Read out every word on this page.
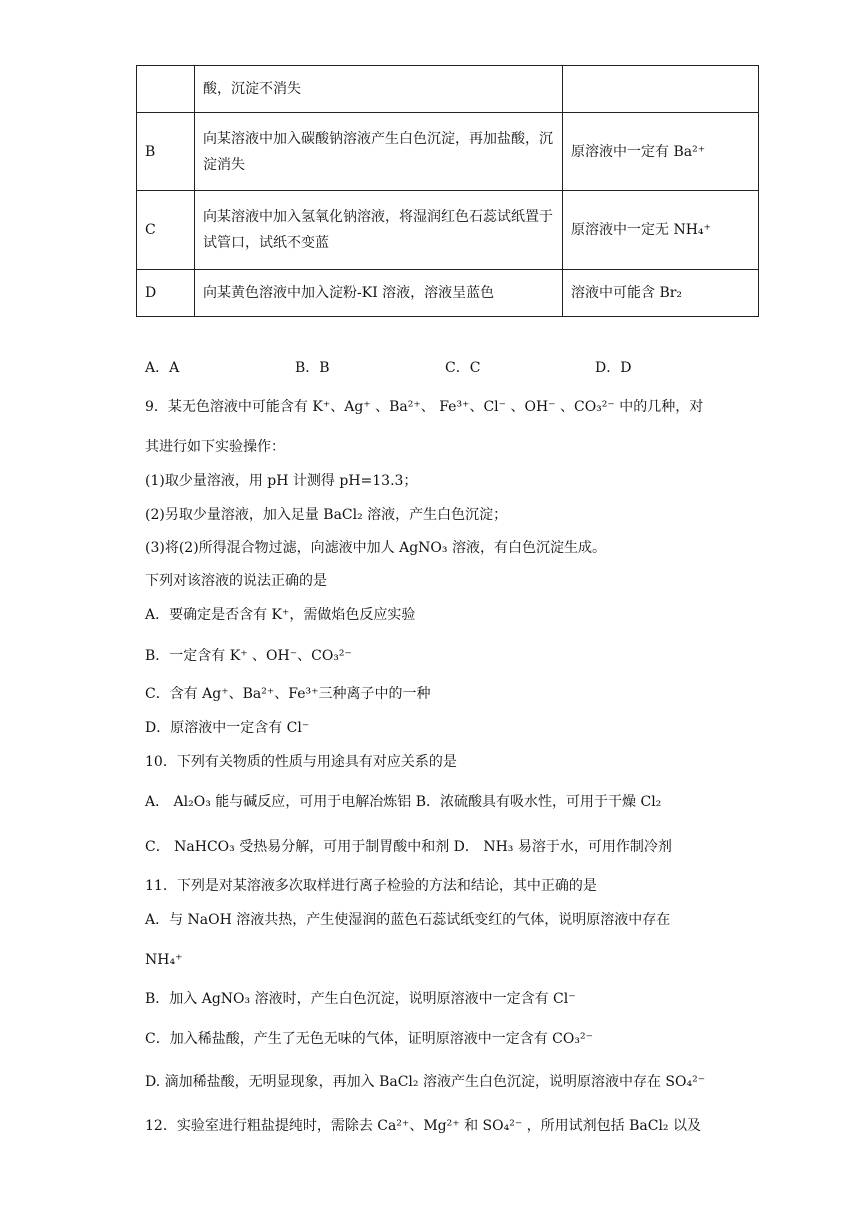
	酸，沉淀不消失	
B	向某溶液中加入碳酸钠溶液产生白色沉淀，再加盐酸，沉淀消失	原溶液中一定有 Ba²⁺
C	向某溶液中加入氢氧化钠溶液，将湿润红色石蕊试纸置于试管口，试纸不变蓝	原溶液中一定无 NH₄⁺
D	向某黄色溶液中加入淀粉-KI 溶液，溶液呈蓝色	溶液中可能含 Br₂
A．A	B．B	C．C	D．D
9．某无色溶液中可能含有 K⁺、Ag⁺ 、Ba²⁺、 Fe³⁺、Cl⁻ 、OH⁻ 、CO₃²⁻ 中的几种，对
其进行如下实验操作：
(1)取少量溶液，用 pH 计测得 pH=13.3；
(2)另取少量溶液，加入足量 BaCl₂ 溶液，产生白色沉淀；
(3)将(2)所得混合物过滤，向滤液中加人 AgNO₃ 溶液，有白色沉淀生成。
下列对该溶液的说法正确的是
A．要确定是否含有 K⁺，需做焰色反应实验
B．一定含有 K⁺ 、OH⁻、CO₃²⁻
C．含有 Ag⁺、Ba²⁺、Fe³⁺三种离子中的一种
D．原溶液中一定含有 Cl⁻
10．下列有关物质的性质与用途具有对应关系的是
A． Al₂O₃ 能与碱反应，可用于电解冶炼铝 B．浓硫酸具有吸水性，可用于干燥 Cl₂
C． NaHCO₃ 受热易分解，可用于制胃酸中和剂 D． NH₃ 易溶于水，可用作制冷剂
11．下列是对某溶液多次取样进行离子检验的方法和结论，其中正确的是
A．与 NaOH 溶液共热，产生使湿润的蓝色石蕊试纸变红的气体，说明原溶液中存在
NH₄⁺
B．加入 AgNO₃ 溶液时，产生白色沉淀，说明原溶液中一定含有 Cl⁻
C．加入稀盐酸，产生了无色无味的气体，证明原溶液中一定含有 CO₃²⁻
D. 滴加稀盐酸，无明显现象，再加入 BaCl₂ 溶液产生白色沉淀，说明原溶液中存在 SO₄²⁻
12．实验室进行粗盐提纯时，需除去 Ca²⁺、Mg²⁺ 和 SO₄²⁻ ，所用试剂包括 BaCl₂ 以及
